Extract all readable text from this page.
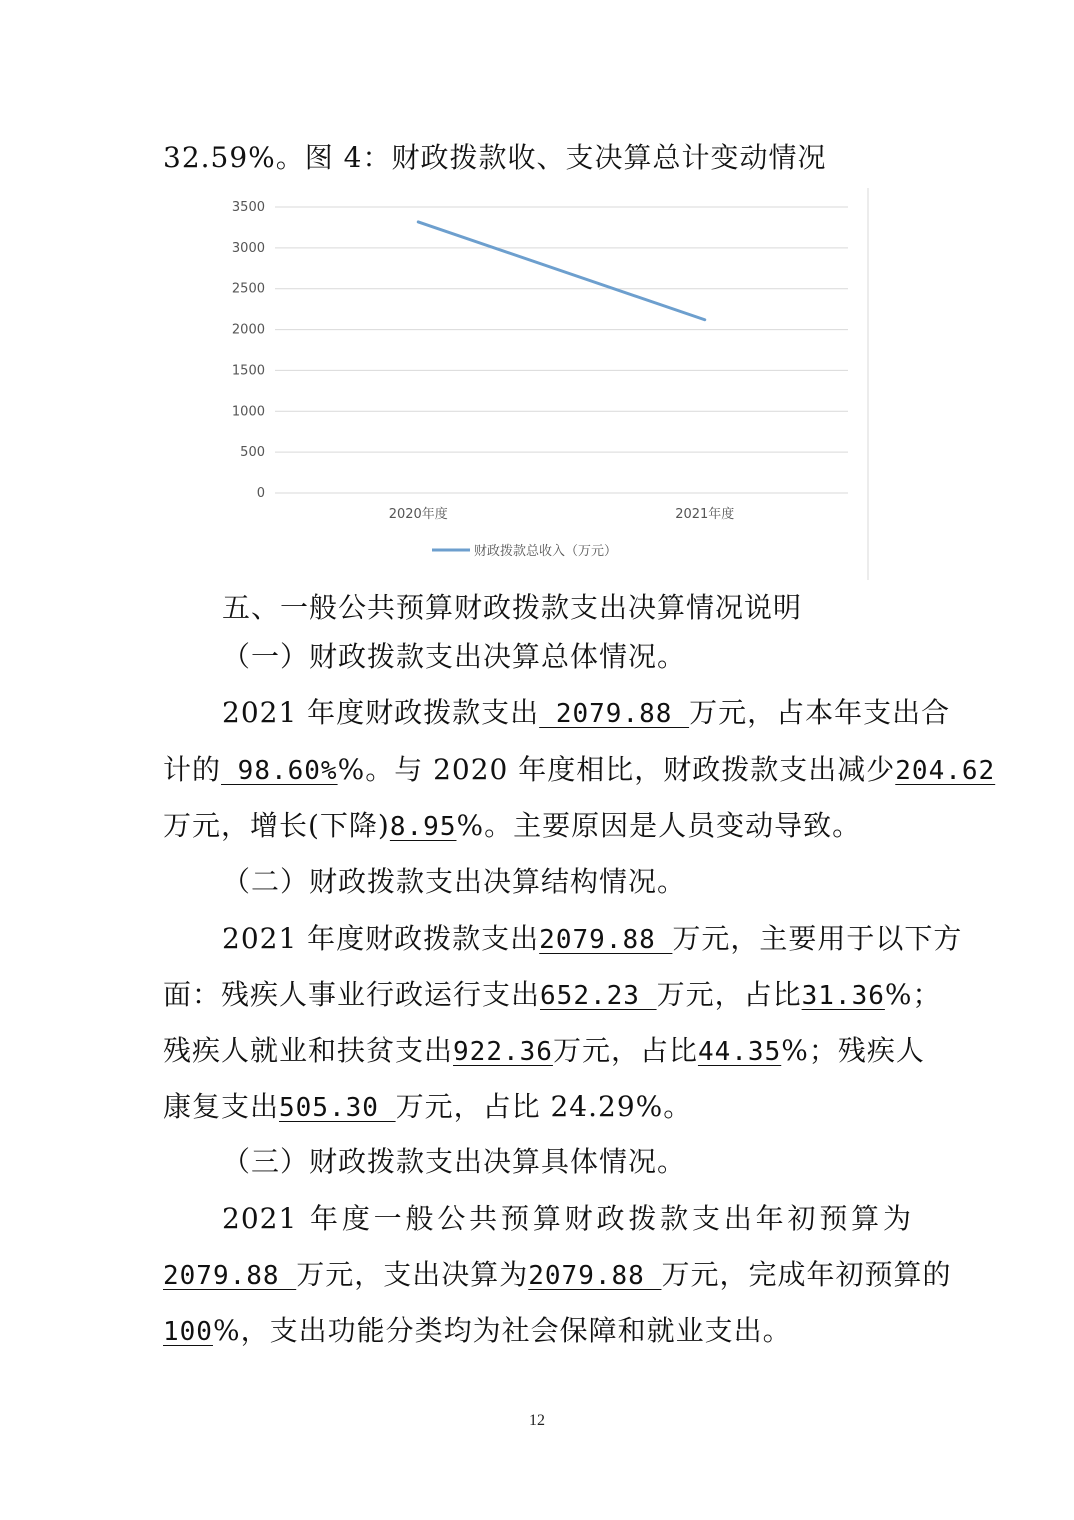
32.59%。图 4：财政拨款收、支决算总计变动情况

0
500
1000
1500
2000
2500
3000
3500
2020年度	2021年度
财政拨款总收入（万元）

五、一般公共预算财政拨款支出决算情况说明

（一）财政拨款支出决算总体情况。

2021 年度财政拨款支出 2079.88 万元，占本年支出合

计的 98.60%%。与 2020 年度相比，财政拨款支出减少204.62

万元，增长(下降)8.95%。主要原因是人员变动导致。

（二）财政拨款支出决算结构情况。

2021 年度财政拨款支出2079.88 万元，主要用于以下方

面：残疾人事业行政运行支出652.23 万元，占比31.36%；

残疾人就业和扶贫支出922.36万元，占比44.35%；残疾人

康复支出505.30 万元，占比 24.29%。

（三）财政拨款支出决算具体情况。

2021 年度一般公共预算财政拨款支出年初预算为

2079.88 万元，支出决算为2079.88 万元，完成年初预算的

100%，支出功能分类均为社会保障和就业支出。

12
